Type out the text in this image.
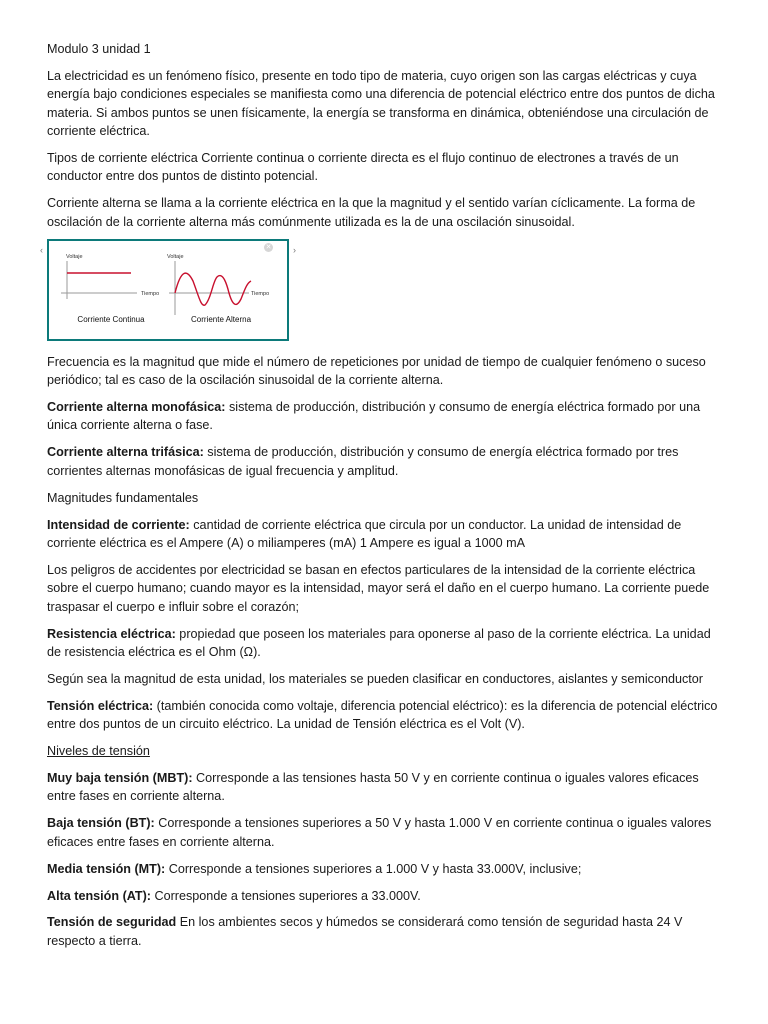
Modulo 3 unidad 1

La electricidad es un fenómeno físico, presente en todo tipo de materia, cuyo origen son las cargas eléctricas y cuya energía bajo condiciones especiales se manifiesta como una diferencia de potencial eléctrico entre dos puntos de dicha materia. Si ambos puntos se unen físicamente, la energía se transforma en dinámica, obteniéndose una circulación de corriente eléctrica.

Tipos de corriente eléctrica Corriente continua o corriente directa es el flujo continuo de electrones a través de un conductor entre dos puntos de distinto potencial.

Corriente alterna se llama a la corriente eléctrica en la que la magnitud y el sentido varían cíclicamente. La forma de oscilación de la corriente alterna más comúnmente utilizada es la de una oscilación sinusoidal.

‹	✕
Voltaje
Tiempo
Corriente Continua
Voltaje
Tiempo
Corriente Alterna
›

Frecuencia es la magnitud que mide el número de repeticiones por unidad de tiempo de cualquier fenómeno o suceso periódico; tal es caso de la oscilación sinusoidal de la corriente alterna.

Corriente alterna monofásica: sistema de producción, distribución y consumo de energía eléctrica formado por una única corriente alterna o fase.

Corriente alterna trifásica: sistema de producción, distribución y consumo de energía eléctrica formado por tres corrientes alternas monofásicas de igual frecuencia y amplitud.

Magnitudes fundamentales

Intensidad de corriente: cantidad de corriente eléctrica que circula por un conductor. La unidad de intensidad de corriente eléctrica es el Ampere (A) o miliamperes (mA) 1 Ampere es igual a 1000 mA

Los peligros de accidentes por electricidad se basan en efectos particulares de la intensidad de la corriente eléctrica sobre el cuerpo humano; cuando mayor es la intensidad, mayor será el daño en el cuerpo humano. La corriente puede traspasar el cuerpo e influir sobre el corazón;

Resistencia eléctrica: propiedad que poseen los materiales para oponerse al paso de la corriente eléctrica. La unidad de resistencia eléctrica es el Ohm (Ω).

Según sea la magnitud de esta unidad, los materiales se pueden clasificar en conductores, aislantes y semiconductor

Tensión eléctrica: (también conocida como voltaje, diferencia potencial eléctrico): es la diferencia de potencial eléctrico entre dos puntos de un circuito eléctrico. La unidad de Tensión eléctrica es el Volt (V).

Niveles de tensión

Muy baja tensión (MBT): Corresponde a las tensiones hasta 50 V y en corriente continua o iguales valores eficaces entre fases en corriente alterna.

Baja tensión (BT): Corresponde a tensiones superiores a 50 V y hasta 1.000 V en corriente continua o iguales valores eficaces entre fases en corriente alterna.

Media tensión (MT): Corresponde a tensiones superiores a 1.000 V y hasta 33.000V, inclusive;

Alta tensión (AT): Corresponde a tensiones superiores a 33.000V.

Tensión de seguridad En los ambientes secos y húmedos se considerará como tensión de seguridad hasta 24 V respecto a tierra.
